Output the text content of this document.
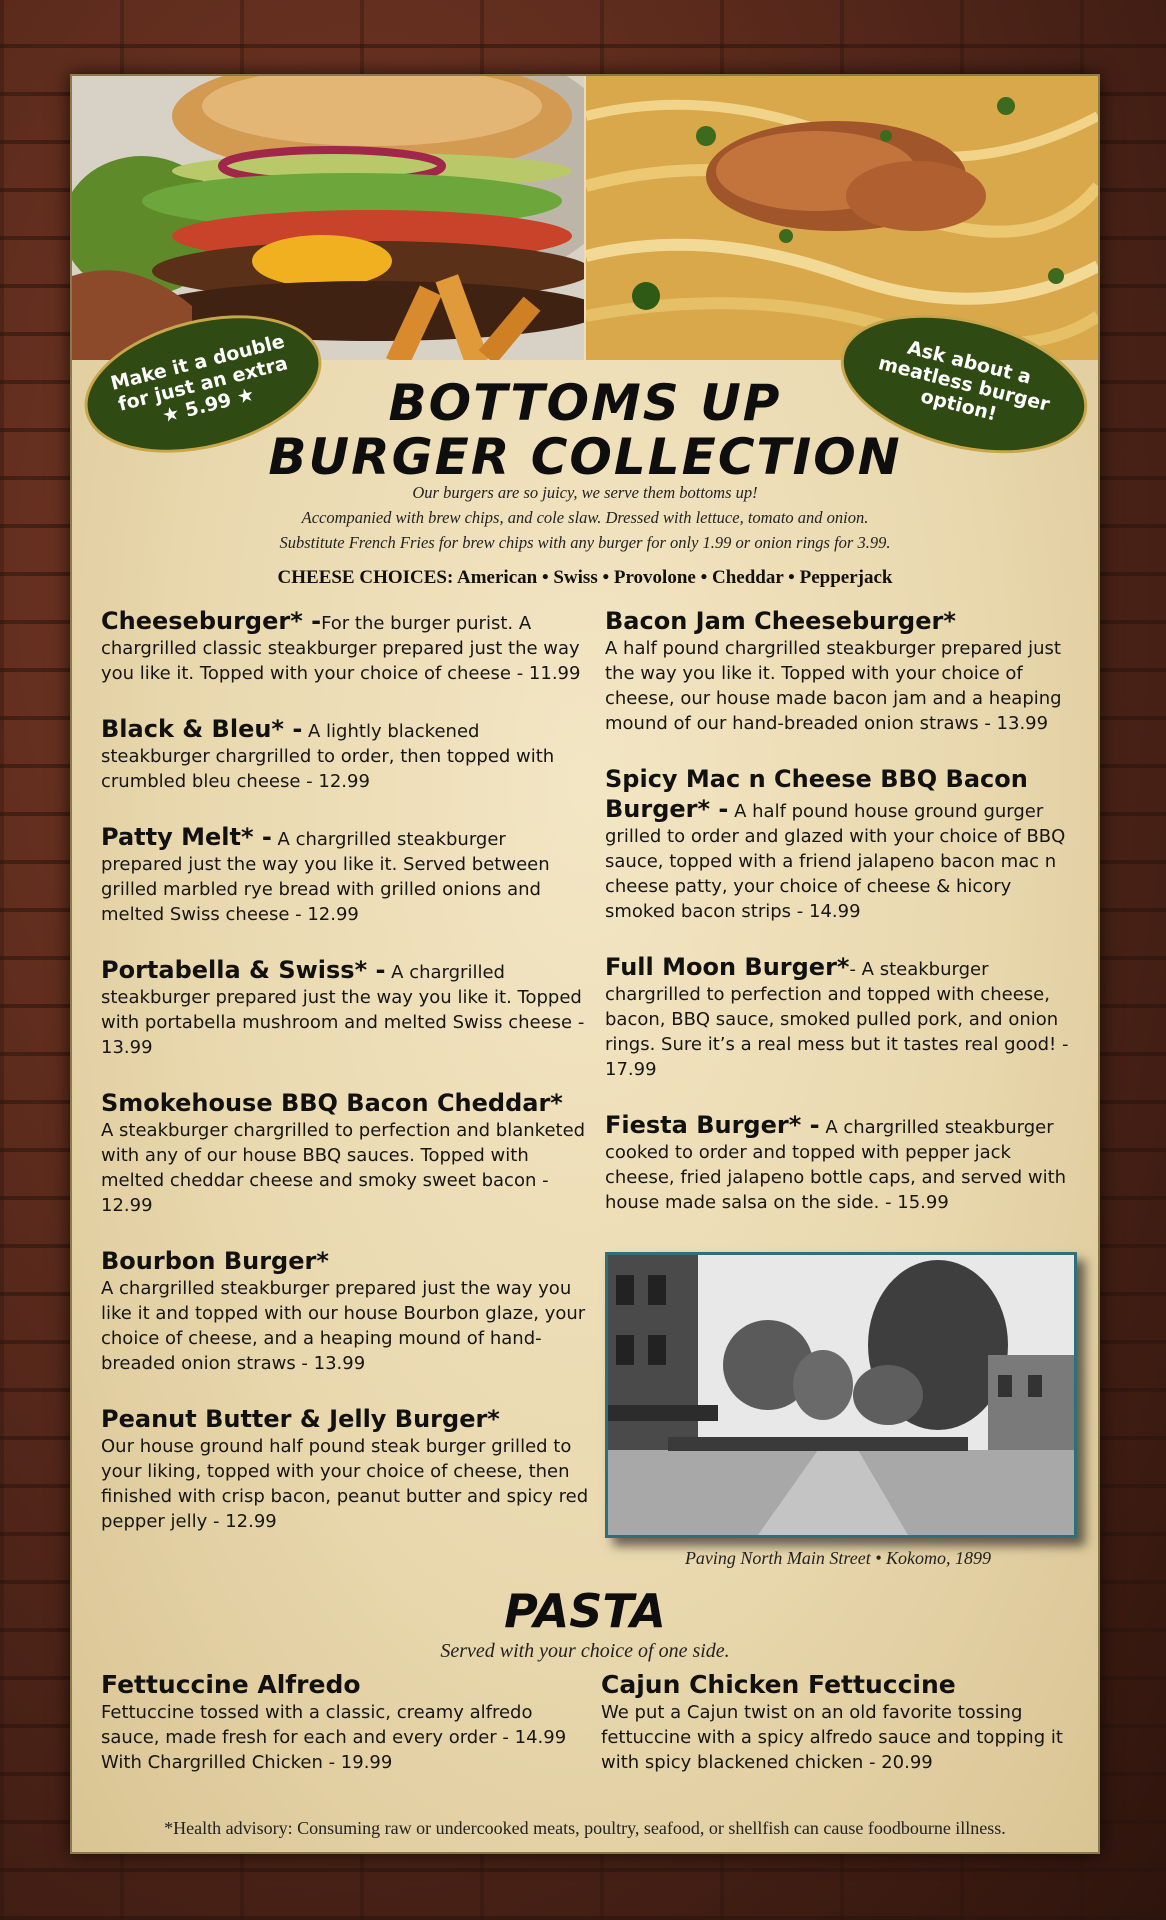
Make it a double
for just an extra
★ 5.99 ★
Ask about a
meatless burger
option!
BOTTOMS UP
BURGER COLLECTION
Our burgers are so juicy, we serve them bottoms up!
Accompanied with brew chips, and cole slaw. Dressed with lettuce, tomato and onion.
Substitute French Fries for brew chips with any burger for only 1.99 or onion rings for 3.99.
CHEESE CHOICES: American • Swiss • Provolone • Cheddar • Pepperjack
Cheeseburger* -For the burger purist. A chargrilled classic steakburger prepared just the way you like it. Topped with your choice of cheese - 11.99
Black & Bleu* - A lightly blackened steakburger chargrilled to order, then topped with crumbled bleu cheese - 12.99
Patty Melt* - A chargrilled steakburger prepared just the way you like it. Served between grilled marbled rye bread with grilled onions and melted Swiss cheese - 12.99
Portabella & Swiss* - A chargrilled steakburger prepared just the way you like it. Topped with portabella mushroom and melted Swiss cheese - 13.99
Smokehouse BBQ Bacon Cheddar*
A steakburger chargrilled to perfection and blanketed with any of our house BBQ sauces. Topped with melted cheddar cheese and smoky sweet bacon - 12.99
Bourbon Burger*
A chargrilled steakburger prepared just the way you like it and topped with our house Bourbon glaze, your choice of cheese, and a heaping mound of hand-breaded onion straws - 13.99
Peanut Butter & Jelly Burger*
Our house ground half pound steak burger grilled to your liking, topped with your choice of cheese, then finished with crisp bacon, peanut butter and spicy red pepper jelly - 12.99
Bacon Jam Cheeseburger*
A half pound chargrilled steakburger prepared just the way you like it. Topped with your choice of cheese, our house made bacon jam and a heaping mound of our hand-breaded onion straws - 13.99
Spicy Mac n Cheese BBQ Bacon Burger* - A half pound house ground gurger grilled to order and glazed with your choice of BBQ sauce, topped with a friend jalapeno bacon mac n cheese patty, your choice of cheese & hicory smoked bacon strips - 14.99
Full Moon Burger*- A steakburger chargrilled to perfection and topped with cheese, bacon, BBQ sauce, smoked pulled pork, and onion rings. Sure it’s a real mess but it tastes real good! - 17.99
Fiesta Burger* - A chargrilled steakburger cooked to order and topped with pepper jack cheese, fried jalapeno bottle caps, and served with house made salsa on the side. - 15.99
Paving North Main Street • Kokomo, 1899
PASTA
Served with your choice of one side.
Fettuccine Alfredo
Fettuccine tossed with a classic, creamy alfredo sauce, made fresh for each and every order - 14.99
With Chargrilled Chicken - 19.99
Cajun Chicken Fettuccine
We put a Cajun twist on an old favorite tossing fettuccine with a spicy alfredo sauce and topping it with spicy blackened chicken - 20.99
*Health advisory: Consuming raw or undercooked meats, poultry, seafood, or shellfish can cause foodbourne illness.
